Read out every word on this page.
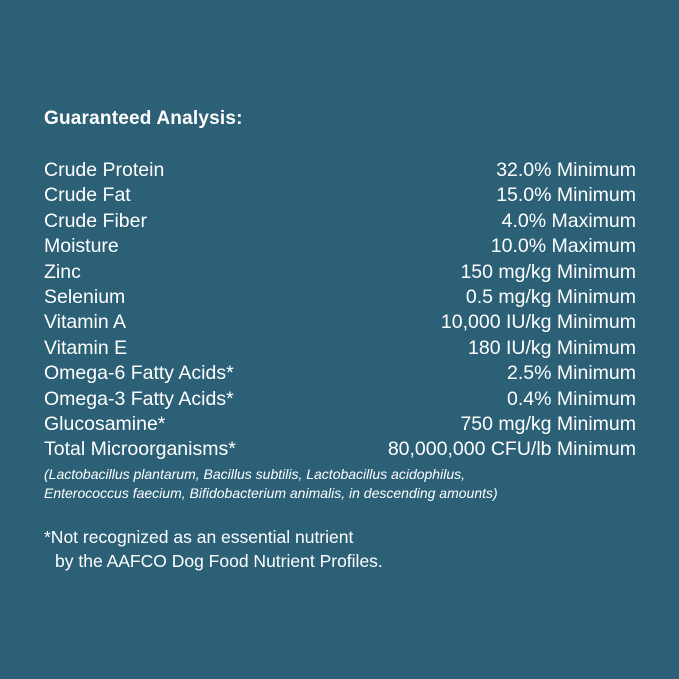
Guaranteed Analysis:
Crude Protein	32.0% Minimum
Crude Fat	15.0% Minimum
Crude Fiber	4.0% Maximum
Moisture	10.0% Maximum
Zinc	150 mg/kg Minimum
Selenium	0.5 mg/kg Minimum
Vitamin A	10,000 IU/kg Minimum
Vitamin E	180 IU/kg Minimum
Omega-6 Fatty Acids*	2.5% Minimum
Omega-3 Fatty Acids*	0.4% Minimum
Glucosamine*	750 mg/kg Minimum
Total Microorganisms*	80,000,000 CFU/lb Minimum
(Lactobacillus plantarum, Bacillus subtilis, Lactobacillus acidophilus,
Enterococcus faecium, Bifidobacterium animalis, in descending amounts)
*Not recognized as an essential nutrient
by the AAFCO Dog Food Nutrient Profiles.
